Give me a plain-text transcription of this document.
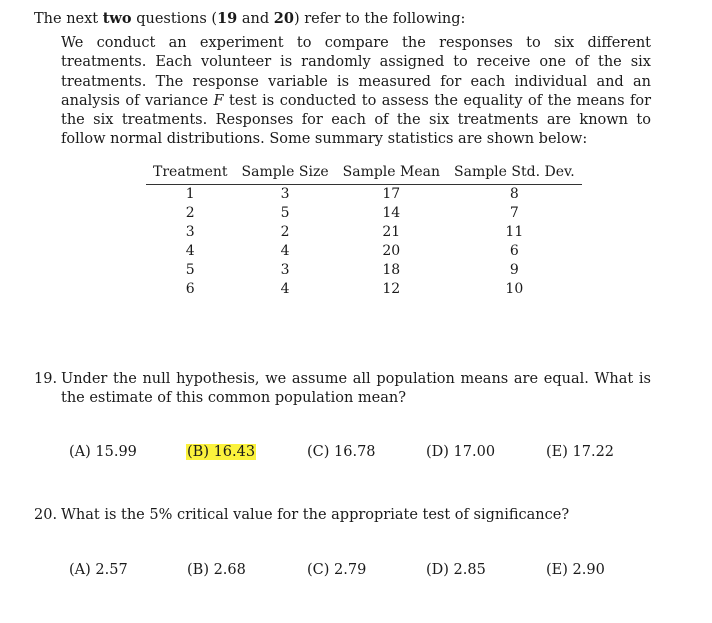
The next two questions (19 and 20) refer to the following:
We conduct an experiment to compare the responses to six different treatments. Each volunteer is randomly assigned to receive one of the six treatments. The response variable is measured for each individual and an analysis of variance F test is conducted to assess the equality of the means for the six treatments. Responses for each of the six treatments are known to follow normal distributions. Some summary statistics are shown below:
Treatment	Sample Size	Sample Mean	Sample Std. Dev.
1	3	17	8
2	5	14	7
3	2	21	11
4	4	20	6
5	3	18	9
6	4	12	10
19. Under the null hypothesis, we assume all population means are equal. What is the estimate of this common population mean?
(A) 15.99	(B) 16.43	(C) 16.78	(D) 17.00	(E) 17.22
20. What is the 5% critical value for the appropriate test of significance?
(A) 2.57	(B) 2.68	(C) 2.79	(D) 2.85	(E) 2.90
